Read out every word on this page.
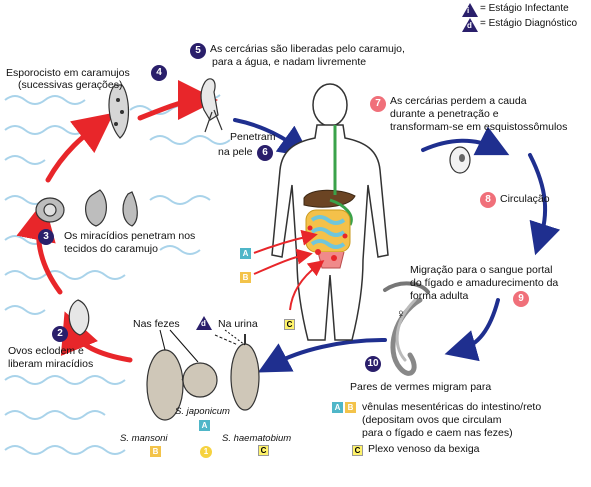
i = Estágio Infectante
d = Estágio Diagnóstico
5 As cercárias são liberadas pelo caramujo,
para a água, e nadam livremente
Esporocisto em caramujos	4
(sucessivas gerações)
Penetram
na pele 6
7 As cercárias perdem a cauda
durante a penetração e
transformam-se em esquistossômulos
8 Circulação
3	Os miracídios penetram nos
tecidos do caramujo	A
B
C
Migração para o sangue portal
do fígado e amadurecimento da
forma adulta	9
♀
2
Ovos eclodem e
liberam miracídios
Nas fezes	d Na urina
S. japonicum
A
S. mansoni	S. haematobium
B	1	C
10
Pares de vermes migram para
A B vênulas mesentéricas do intestino/reto
(depositam ovos que circulam
para o fígado e caem nas fezes)
C Plexo venoso da bexiga
